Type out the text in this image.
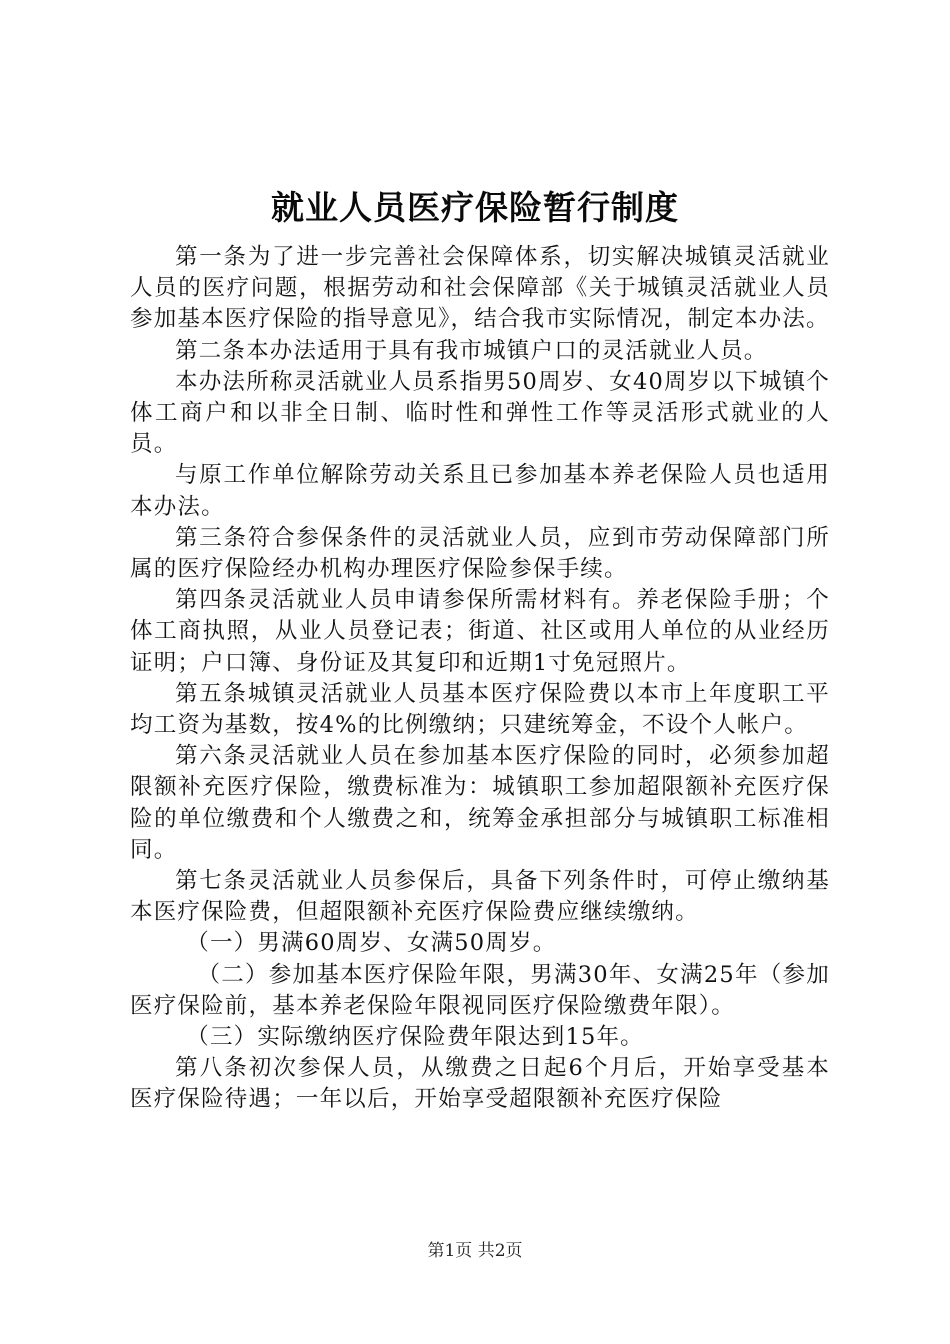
就业人员医疗保险暂行制度

第一条为了进一步完善社会保障体系，切实解决城镇灵活就业人员的医疗问题，根据劳动和社会保障部《关于城镇灵活就业人员参加基本医疗保险的指导意见》，结合我市实际情况，制定本办法。

第二条本办法适用于具有我市城镇户口的灵活就业人员。

本办法所称灵活就业人员系指男50周岁、女40周岁以下城镇个体工商户和以非全日制、临时性和弹性工作等灵活形式就业的人员。

与原工作单位解除劳动关系且已参加基本养老保险人员也适用本办法。

第三条符合参保条件的灵活就业人员，应到市劳动保障部门所属的医疗保险经办机构办理医疗保险参保手续。

第四条灵活就业人员申请参保所需材料有。养老保险手册；个体工商执照，从业人员登记表；街道、社区或用人单位的从业经历证明；户口簿、身份证及其复印和近期1寸免冠照片。

第五条城镇灵活就业人员基本医疗保险费以本市上年度职工平均工资为基数，按4%的比例缴纳；只建统筹金，不设个人帐户。

第六条灵活就业人员在参加基本医疗保险的同时，必须参加超限额补充医疗保险，缴费标准为：城镇职工参加超限额补充医疗保险的单位缴费和个人缴费之和，统筹金承担部分与城镇职工标准相同。

第七条灵活就业人员参保后，具备下列条件时，可停止缴纳基本医疗保险费，但超限额补充医疗保险费应继续缴纳。

（一）男满60周岁、女满50周岁。

（二）参加基本医疗保险年限，男满30年、女满25年（参加医疗保险前，基本养老保险年限视同医疗保险缴费年限）。

（三）实际缴纳医疗保险费年限达到15年。

第八条初次参保人员，从缴费之日起6个月后，开始享受基本医疗保险待遇；一年以后，开始享受超限额补充医疗保险

第1页 共2页
